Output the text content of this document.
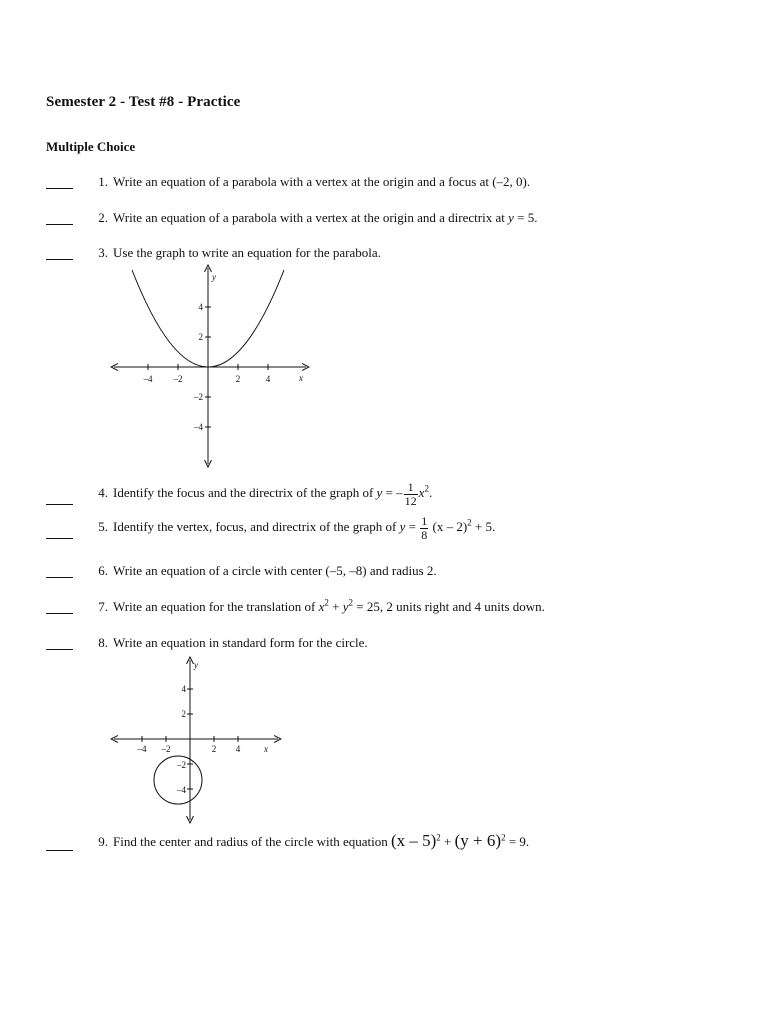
Semester 2 - Test #8 - Practice
Multiple Choice
1. Write an equation of a parabola with a vertex at the origin and a focus at (–2, 0).
2. Write an equation of a parabola with a vertex at the origin and a directrix at y = 5.
3. Use the graph to write an equation for the parabola.
–4 –2	2	4
4
2
–2
–4
x
y
4. Identify the focus and the directrix of the graph of y = – $\frac{1}{12} x^2$.
5. Identify the vertex, focus, and directrix of the graph of $y = \frac{1}{8} (x - 2)^2 + 5$.
6. Write an equation of a circle with center (–5, –8) and radius 2.
7. Write an equation for the translation of $x^2 + y^2 = 25$, 2 units right and 4 units down.
8. Write an equation in standard form for the circle.
–4 –2	2 4
4
2
–2
–4
x
y
9. Find the center and radius of the circle with equation $(x - 5)^2 + (y + 6)^2 = 9$.
